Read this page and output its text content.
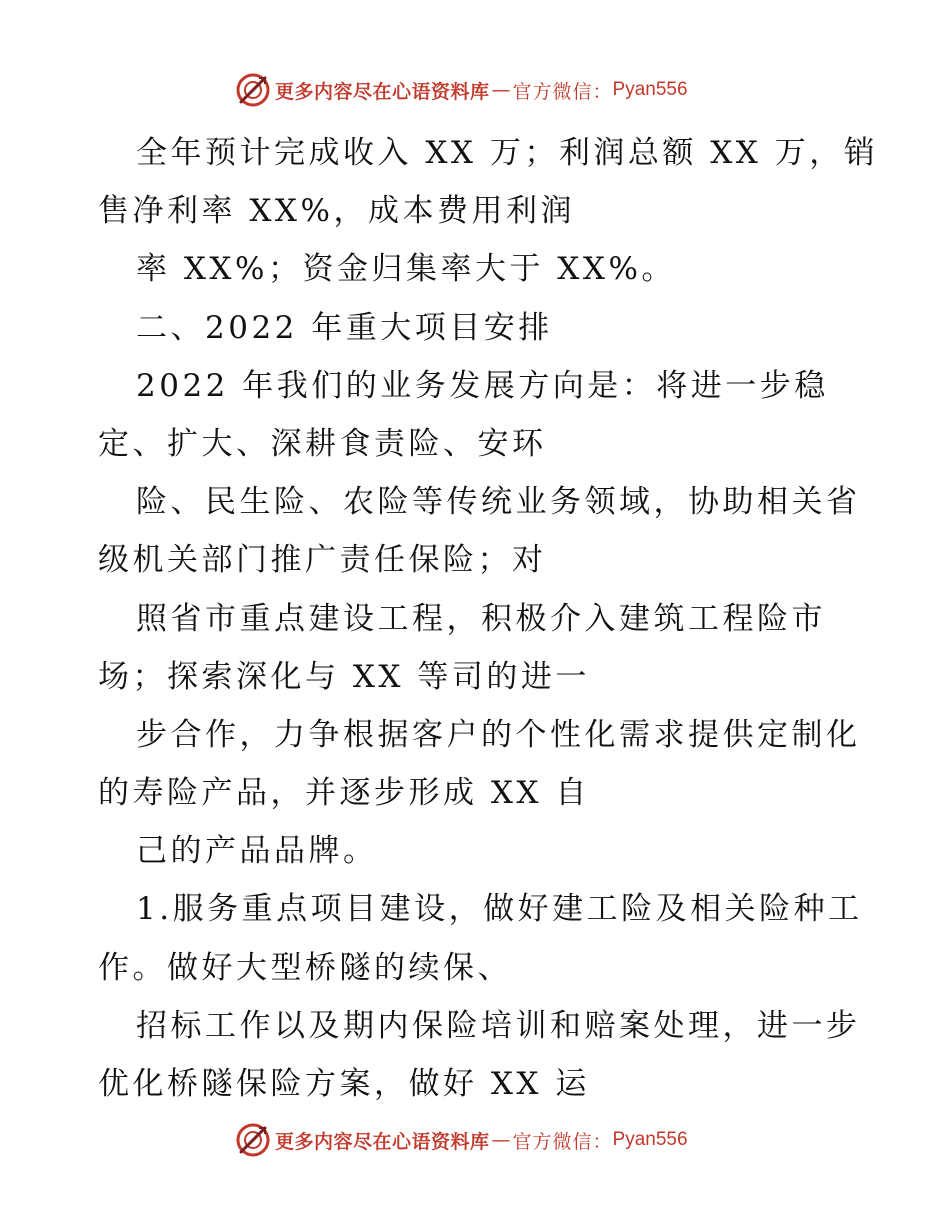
更多内容尽在心语资料库 — 官方微信： Pyan556
全年预计完成收入 XX 万；利润总额 XX 万，销
售净利率 XX%，成本费用利润
率 XX%；资金归集率大于 XX%。
二、2022 年重大项目安排
2022 年我们的业务发展方向是：将进一步稳
定、扩大、深耕食责险、安环
险、民生险、农险等传统业务领域，协助相关省
级机关部门推广责任保险；对
照省市重点建设工程，积极介入建筑工程险市
场；探索深化与 XX 等司的进一
步合作，力争根据客户的个性化需求提供定制化
的寿险产品，并逐步形成 XX 自
己的产品品牌。
1.服务重点项目建设，做好建工险及相关险种工
作。做好大型桥隧的续保、
招标工作以及期内保险培训和赔案处理，进一步
优化桥隧保险方案，做好 XX 运
更多内容尽在心语资料库 — 官方微信： Pyan556
